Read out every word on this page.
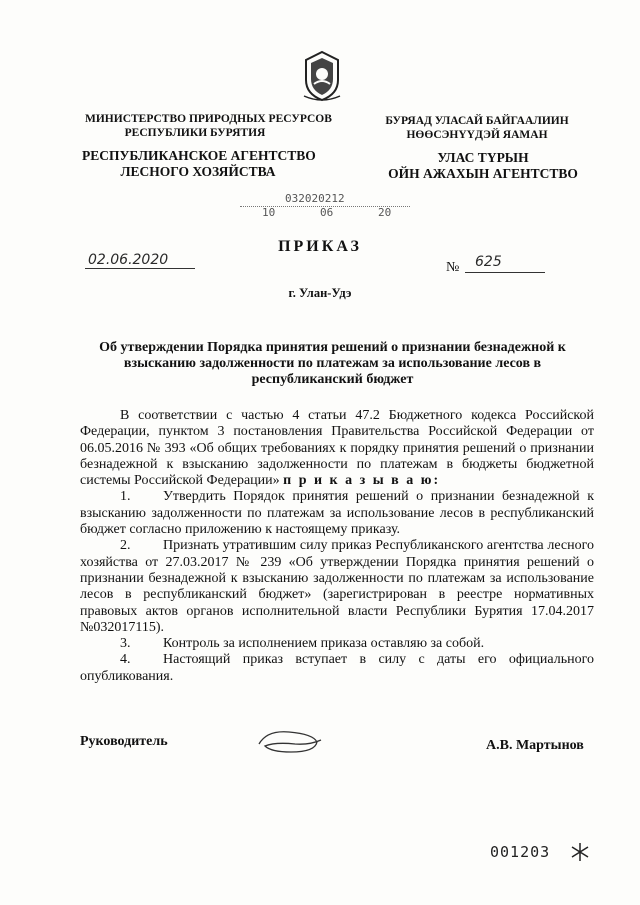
МИНИСТЕРСТВО ПРИРОДНЫХ РЕСУРСОВ
РЕСПУБЛИКИ БУРЯТИЯ
БУРЯАД УЛАСАЙ БАЙГААЛИИН
НӨӨСЭНҮҮДЭЙ ЯАМАН
РЕСПУБЛИКАНСКОЕ АГЕНТСТВО
ЛЕСНОГО ХОЗЯЙСТВА
УЛАС ТҮРЫН
ОЙН АЖАХЫН АГЕНТСТВО
032020212
10	06	20
ПРИКАЗ
02.06.2020	№ 625
г. Улан-Удэ
Об утверждении Порядка принятия решений о признании безнадежной к взысканию задолженности по платежам за использование лесов в республиканский бюджет

В соответствии с частью 4 статьи 47.2 Бюджетного кодекса Российской Федерации, пунктом 3 постановления Правительства Российской Федерации от 06.05.2016 № 393 «Об общих требованиях к порядку принятия решений о признании безнадежной к взысканию задолженности по платежам в бюджеты бюджетной системы Российской Федерации» п р и к а з ы в а ю:

1. Утвердить Порядок принятия решений о признании безнадежной к взысканию задолженности по платежам за использование лесов в республиканский бюджет согласно приложению к настоящему приказу.

2. Признать утратившим силу приказ Республиканского агентства лесного хозяйства от 27.03.2017 № 239 «Об утверждении Порядка принятия решений о признании безнадежной к взысканию задолженности по платежам за использование лесов в республиканский бюджет» (зарегистрирован в реестре нормативных правовых актов органов исполнительной власти Республики Бурятия 17.04.2017 №032017115).

3. Контроль за исполнением приказа оставляю за собой.

4. Настоящий приказ вступает в силу с даты его официального опубликования.

Руководитель	А.В. Мартынов
001203
